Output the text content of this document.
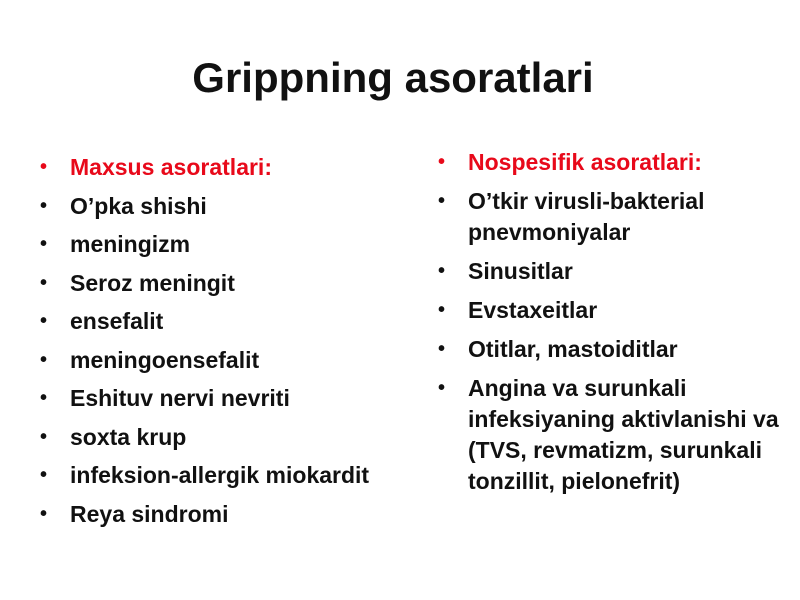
Grippning asoratlari
• Maxsus asoratlari:
• O’pka shishi
• meningizm
• Seroz meningit
• ensefalit
• meningoensefalit
• Eshituv nervi nevriti
• soxta krup
• infeksion-allergik miokardit
• Reya sindromi
• Nospesifik asoratlari:
• O’tkir virusli-bakterial pnevmoniyalar
• Sinusitlar
• Evstaxeitlar
• Otitlar, mastoiditlar
• Angina va surunkali infeksiyaning aktivlanishi va (TVS, revmatizm, surunkali tonzillit, pielonefrit)
